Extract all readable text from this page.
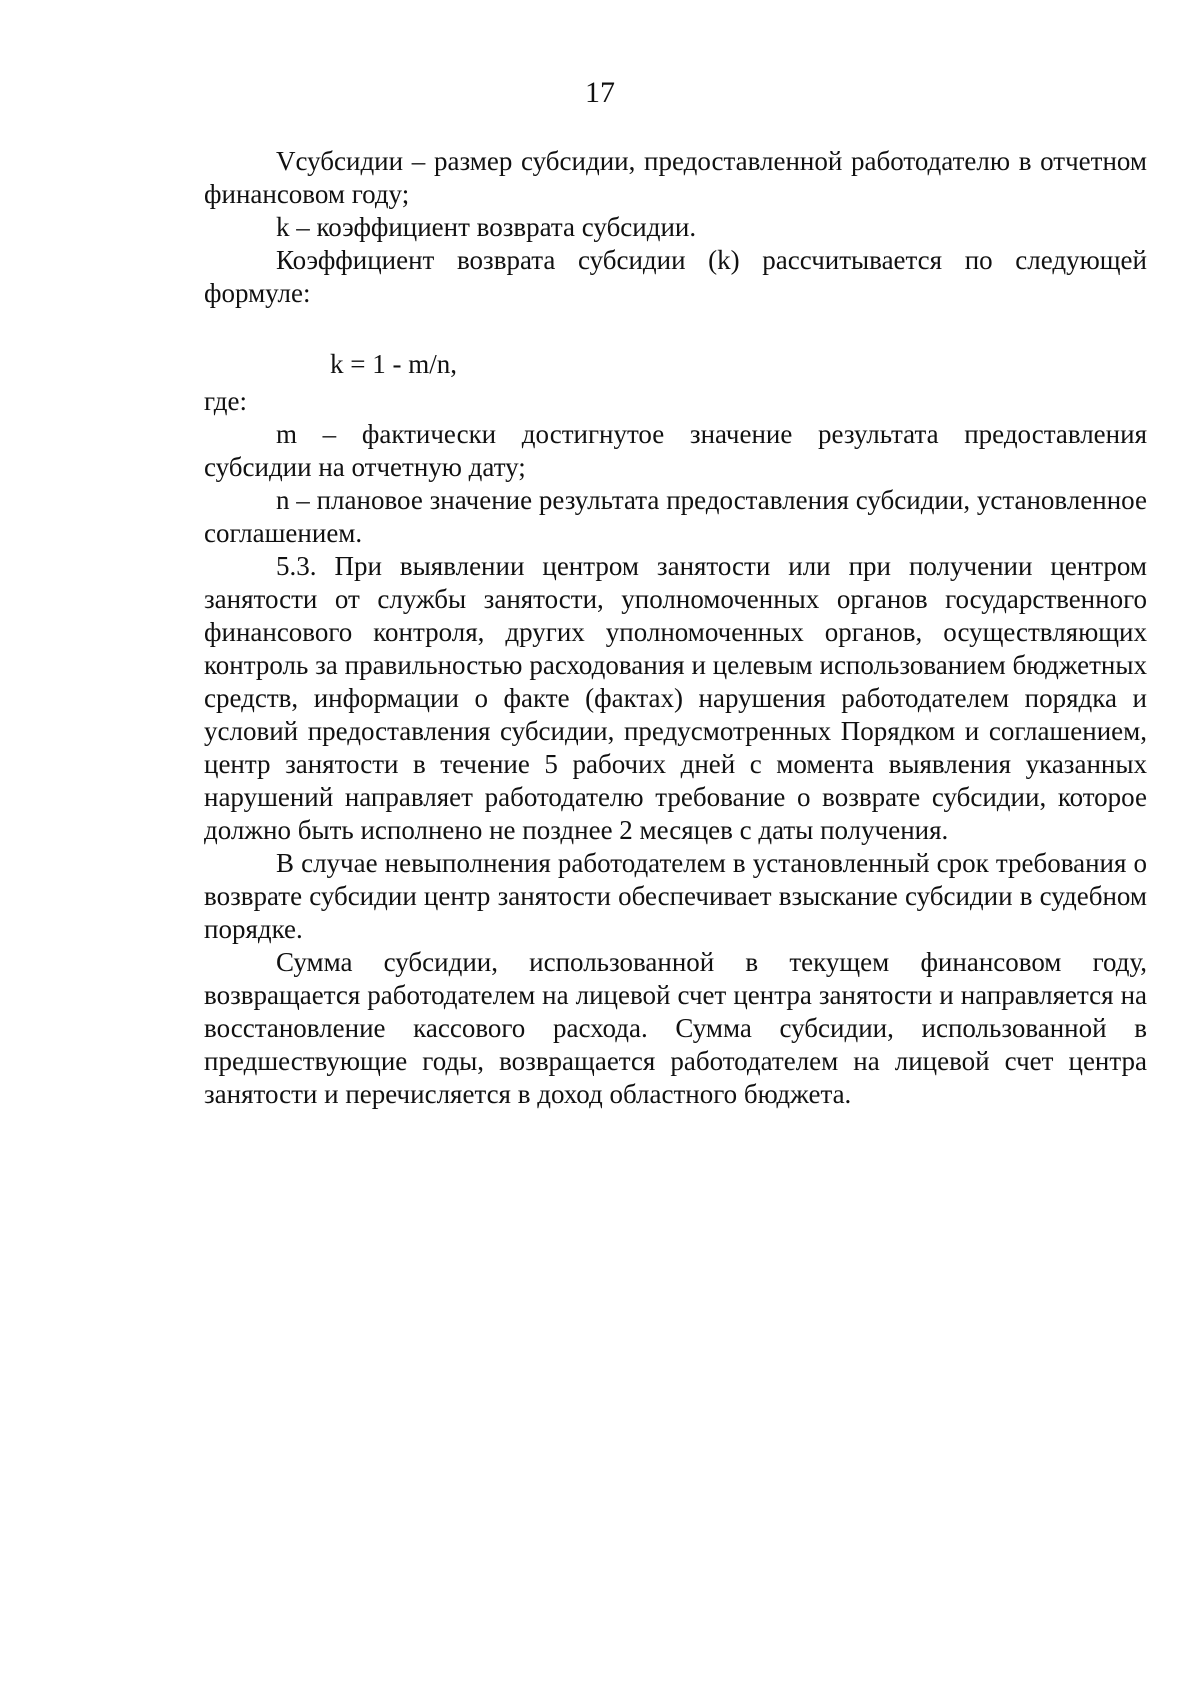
17

Vсубсидии – размер субсидии, предоставленной работодателю в отчетном финансовом году;

k – коэффициент возврата субсидии.

Коэффициент возврата субсидии (k) рассчитывается по следующей формуле:

k = 1 - m/n,

где:

m – фактически достигнутое значение результата предоставления субсидии на отчетную дату;

n – плановое значение результата предоставления субсидии, установленное соглашением.

5.3. При выявлении центром занятости или при получении центром занятости от службы занятости, уполномоченных органов государственного финансового контроля, других уполномоченных органов, осуществляющих контроль за правильностью расходования и целевым использованием бюджетных средств, информации о факте (фактах) нарушения работодателем порядка и условий предоставления субсидии, предусмотренных Порядком и соглашением, центр занятости в течение 5 рабочих дней с момента выявления указанных нарушений направляет работодателю требование о возврате субсидии, которое должно быть исполнено не позднее 2 месяцев с даты получения.

В случае невыполнения работодателем в установленный срок требования о возврате субсидии центр занятости обеспечивает взыскание субсидии в судебном порядке.

Сумма субсидии, использованной в текущем финансовом году, возвращается работодателем на лицевой счет центра занятости и направляется на восстановление кассового расхода. Сумма субсидии, использованной в предшествующие годы, возвращается работодателем на лицевой счет центра занятости и перечисляется в доход областного бюджета.
